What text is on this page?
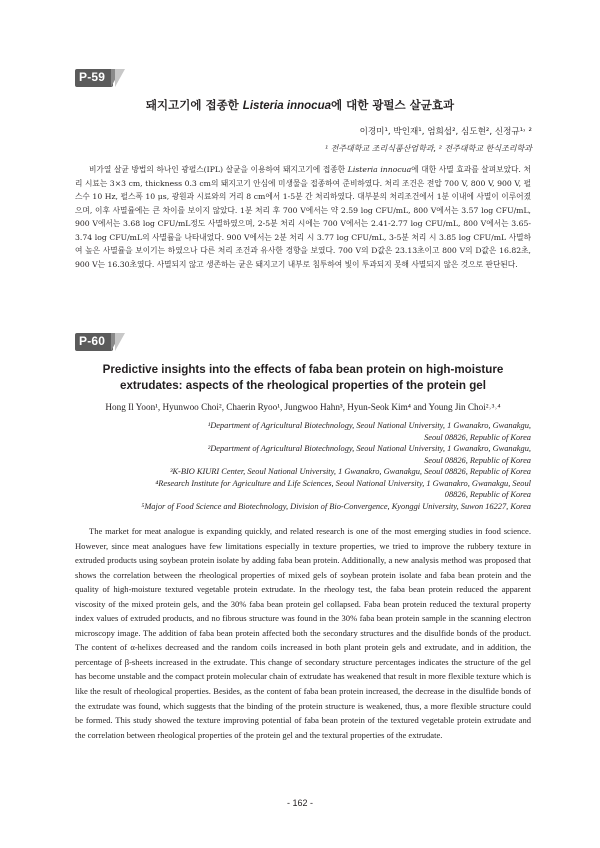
P-59
돼지고기에 접종한 Listeria innocua에 대한 광펄스 살균효과
이경미¹, 박인재¹, 엄희섭², 심도현², 신정규¹˒ ²
¹ 전주대학교 조리식품산업학과, ² 전주대학교 한식조리학과
비가열 살균 방법의 하나인 광펄스(IPL) 살균을 이용하여 돼지고기에 접종한 Listeria innocua에 대한 사멸 효과를 살펴보았다. 처리 시료는 3×3 cm, thickness 0.3 cm의 돼지고기 안심에 미생물을 접종하여 준비하였다. 처리 조건은 전압 700 V, 800 V, 900 V, 펄스수 10 Hz, 펄스폭 10 μs, 광원과 시료와의 거리 8 cm에서 1-5분 간 처리하였다. 대부분의 처리조건에서 1분 이내에 사멸이 이루어졌으며, 이후 사멸률에는 큰 차이를 보이지 않았다. 1분 처리 후 700 V에서는 약 2.59 log CFU/mL, 800 V에서는 3.57 log CFU/mL, 900 V에서는 3.68 log CFU/mL정도 사멸하였으며, 2-5분 처리 시에는 700 V에서는 2.41-2.77 log CFU/mL, 800 V에서는 3.65-3.74 log CFU/mL의 사멸률을 나타내었다. 900 V에서는 2분 처리 시 3.77 log CFU/mL, 3-5분 처리 시 3.85 log CFU/mL 사멸하여 높은 사멸률을 보이기는 하였으나 다른 처리 조건과 유사한 경향을 보였다. 700 V의 D값은 23.13초이고 800 V의 D값은 16.82초, 900 V는 16.30초였다. 사멸되지 않고 생존하는 균은 돼지고기 내부로 침투하여 빛이 투과되지 못해 사멸되지 않은 것으로 판단된다.
P-60
Predictive insights into the effects of faba bean protein on high-moisture
extrudates: aspects of the rheological properties of the protein gel
Hong Il Yoon¹, Hyunwoo Choi², Chaerin Ryoo¹, Jungwoo Hahn³, Hyun-Seok Kim⁴ and Young Jin Choi²˒³˒⁴
¹Department of Agricultural Biotechnology, Seoul National University, 1 Gwanakro, Gwanakgu,
Seoul 08826, Republic of Korea
²Department of Agricultural Biotechnology, Seoul National University, 1 Gwanakro, Gwanakgu,
Seoul 08826, Republic of Korea
³K-BIO KIURI Center, Seoul National University, 1 Gwanakro, Gwanakgu, Seoul 08826, Republic of Korea
⁴Research Institute for Agriculture and Life Sciences, Seoul National University, 1 Gwanakro, Gwanakgu, Seoul
08826, Republic of Korea
⁵Major of Food Science and Biotechnology, Division of Bio-Convergence, Kyonggi University, Suwon 16227, Korea
The market for meat analogue is expanding quickly, and related research is one of the most emerging studies in food science. However, since meat analogues have few limitations especially in texture properties, we tried to improve the rubbery texture in extruded products using soybean protein isolate by adding faba bean protein. Additionally, a new analysis method was proposed that shows the correlation between the rheological properties of mixed gels of soybean protein isolate and faba bean protein and the quality of high-moisture textured vegetable protein extrudate. In the rheology test, the faba bean protein reduced the apparent viscosity of the mixed protein gels, and the 30% faba bean protein gel collapsed. Faba bean protein reduced the textural property index values of extruded products, and no fibrous structure was found in the 30% faba bean protein sample in the scanning electron microscopy image. The addition of faba bean protein affected both the secondary structures and the disulfide bonds of the product. The content of α-helixes decreased and the random coils increased in both plant protein gels and extrudate, and in addition, the percentage of β-sheets increased in the extrudate. This change of secondary structure percentages indicates the structure of the gel has become unstable and the compact protein molecular chain of extrudate has weakened that result in more flexible texture which is like the result of rheological properties. Besides, as the content of faba bean protein increased, the decrease in the disulfide bonds of the extrudate was found, which suggests that the binding of the protein structure is weakened, thus, a more flexible structure could be formed. This study showed the texture improving potential of faba bean protein of the textured vegetable protein extrudate and the correlation between rheological properties of the protein gel and the textural properties of the extrudate.
- 162 -
